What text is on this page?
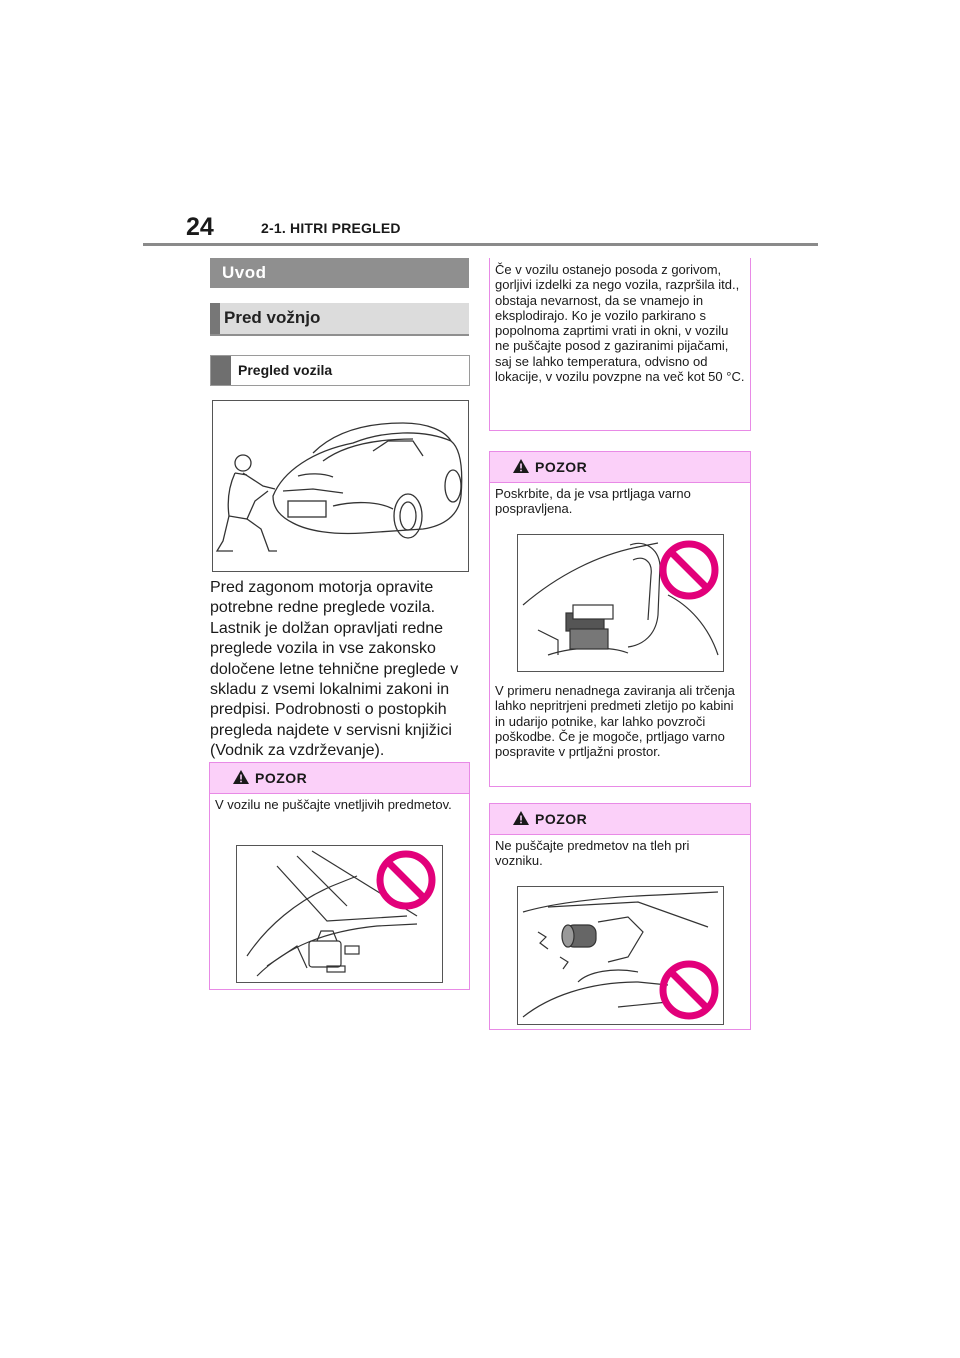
24	2-1. HITRI PREGLED
Uvod
Pred vožnjo
Pregled vozila
Pred zagonom motorja opravite potrebne redne preglede vozila. Lastnik je dolžan opravljati redne preglede vozila in vse zakonsko določene letne tehnične preglede v skladu z vsemi lokalnimi zakoni in predpisi. Podrobnosti o postopkih pregleda najdete v servisni knjižici (Vodnik za vzdrževanje).
POZOR
V vozilu ne puščajte vnetljivih predmetov.
Če v vozilu ostanejo posoda z gorivom, gorljivi izdelki za nego vozila, razpršila itd., obstaja nevarnost, da se vnamejo in eksplodirajo. Ko je vozilo parkirano s popolnoma zaprtimi vrati in okni, v vozilu ne puščajte posod z gaziranimi pijačami, saj se lahko temperatura, odvisno od lokacije, v vozilu povzpne na več kot 50 °C.
POZOR
Poskrbite, da je vsa prtljaga varno pospravljena.
V primeru nenadnega zaviranja ali trčenja lahko nepritrjeni predmeti zletijo po kabini in udarijo potnike, kar lahko povzroči poškodbe. Če je mogoče, prtljago varno pospravite v prtljažni prostor.
POZOR
Ne puščajte predmetov na tleh pri vozniku.
